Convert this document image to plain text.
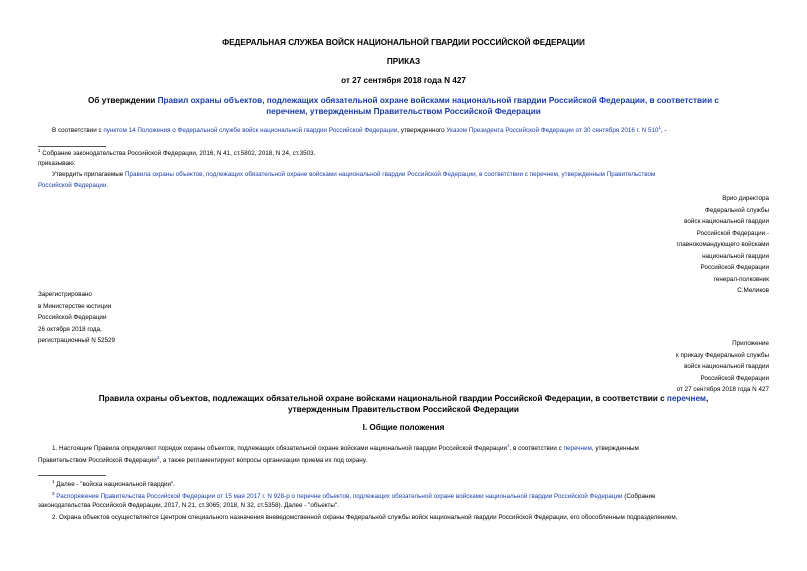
ФЕДЕРАЛЬНАЯ СЛУЖБА ВОЙСК НАЦИОНАЛЬНОЙ ГВАРДИИ РОССИЙСКОЙ ФЕДЕРАЦИИ
ПРИКАЗ
от 27 сентября 2018 года N 427
Об утверждении Правил охраны объектов, подлежащих обязательной охране войсками национальной гвардии Российской Федерации, в соответствии с
перечнем, утвержденным Правительством Российской Федерации
В соответствии с пунктом 14 Положения о Федеральной службе войск национальной гвардии Российской Федерации, утвержденного Указом Президента Российской Федерации от 30 сентября 2016 г. N $510^1$, -
$^1$ Собрание законодательства Российской Федерации, 2016, N 41, ст.5802, 2018, N 24, ст.3503.
приказываю:
Утвердить прилагаемые Правила охраны объектов, подлежащих обязательной охране войсками национальной гвардии Российской Федерации, в соответствии с перечнем, утвержденным Правительством
Российской Федерации.
Врио директора
Федеральной службы
войск национальной гвардии
Российской Федерации -
главнокомандующего войсками
национальной гвардии
Российской Федерации
генерал-полковник
С.Меликов
Зарегистрировано
в Министерстве юстиции
Российской Федерации
26 октября 2018 года,
регистрационный N 52529	Приложение
к приказу Федеральной службы
войск национальной гвардии
Российской Федерации
от 27 сентября 2018 года N 427
Правила охраны объектов, подлежащих обязательной охране войсками национальной гвардии Российской Федерации, в соответствии с перечнем,
утвержденным Правительством Российской Федерации
I. Общие положения
1. Настоящие Правила определяют порядок охраны объектов, подлежащих обязательной охране войсками национальной гвардии Российской Федерации$^1$, в соответствии с перечнем, утвержденным
Правительством Российской Федерации$^2$, а также регламентируют вопросы организации приема их под охрану.
$^1$ Далее - "войска национальной гвардии".
$^2$ Распоряжение Правительства Российской Федерации от 15 мая 2017 г. N 928-р о перечне объектов, подлежащих обязательной охране войсками национальной гвардии Российской Федерации (Собрание
законодательства Российской Федерации, 2017, N 21, ст.3065; 2018, N 32, ст.5358). Далее - "объекты".
2. Охрана объектов осуществляется Центром специального назначения вневедомственной охраны Федеральной службы войск национальной гвардии Российской Федерации, его обособленным подразделением,
